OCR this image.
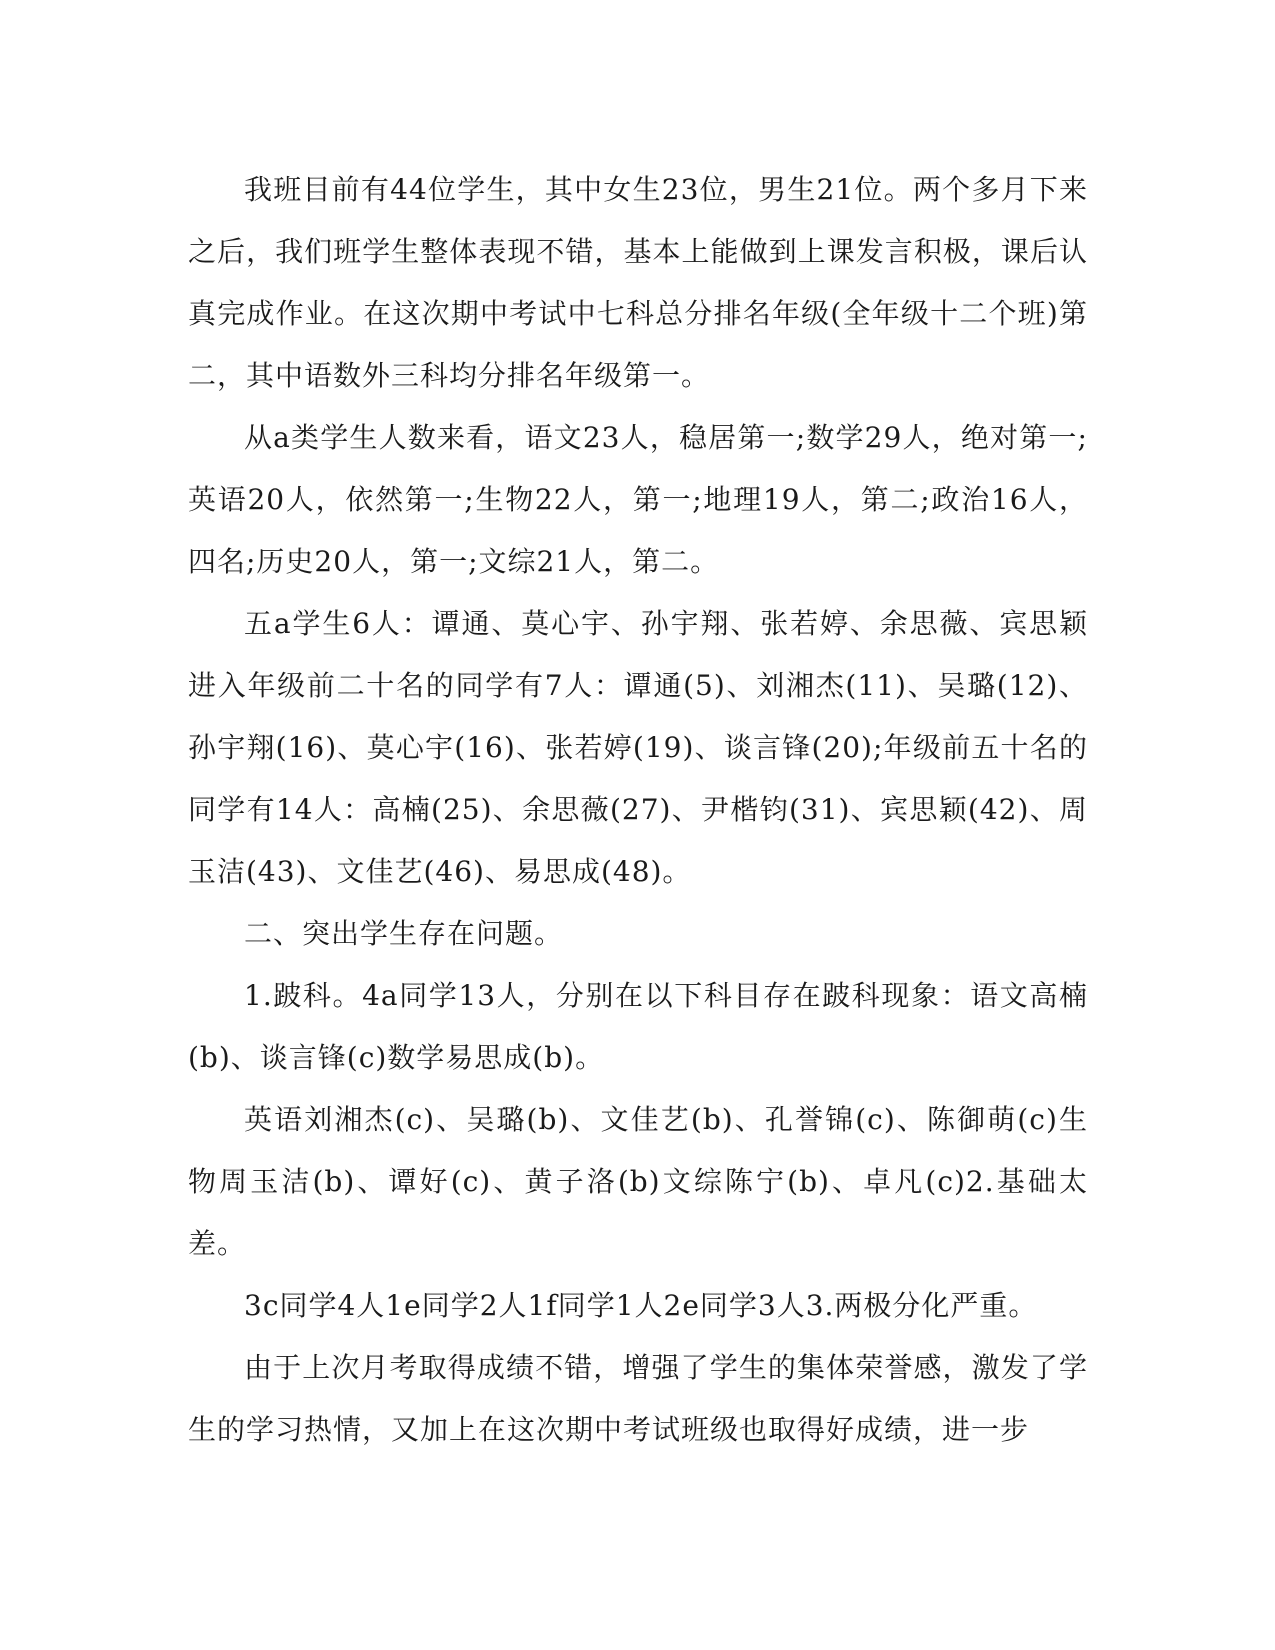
我班目前有44位学生，其中女生23位，男生21位。两个多月下来之后，我们班学生整体表现不错，基本上能做到上课发言积极，课后认真完成作业。在这次期中考试中七科总分排名年级(全年级十二个班)第二，其中语数外三科均分排名年级第一。

从a类学生人数来看，语文23人，稳居第一;数学29人，绝对第一;英语20人，依然第一;生物22人，第一;地理19人，第二;政治16人，四名;历史20人，第一;文综21人，第二。

五a学生6人：谭通、莫心宇、孙宇翔、张若婷、余思薇、宾思颖进入年级前二十名的同学有7人：谭通(5)、刘湘杰(11)、吴璐(12)、孙宇翔(16)、莫心宇(16)、张若婷(19)、谈言锋(20);年级前五十名的同学有14人：高楠(25)、余思薇(27)、尹楷钧(31)、宾思颖(42)、周玉洁(43)、文佳艺(46)、易思成(48)。

二、突出学生存在问题。

1.跛科。4a同学13人，分别在以下科目存在跛科现象：语文高楠(b)、谈言锋(c)数学易思成(b)。

英语刘湘杰(c)、吴璐(b)、文佳艺(b)、孔誉锦(c)、陈御萌(c)生物周玉洁(b)、谭好(c)、黄子洛(b)文综陈宁(b)、卓凡(c)2.基础太差。

3c同学4人1e同学2人1f同学1人2e同学3人3.两极分化严重。

由于上次月考取得成绩不错，增强了学生的集体荣誉感，激发了学生的学习热情，又加上在这次期中考试班级也取得好成绩，进一步
